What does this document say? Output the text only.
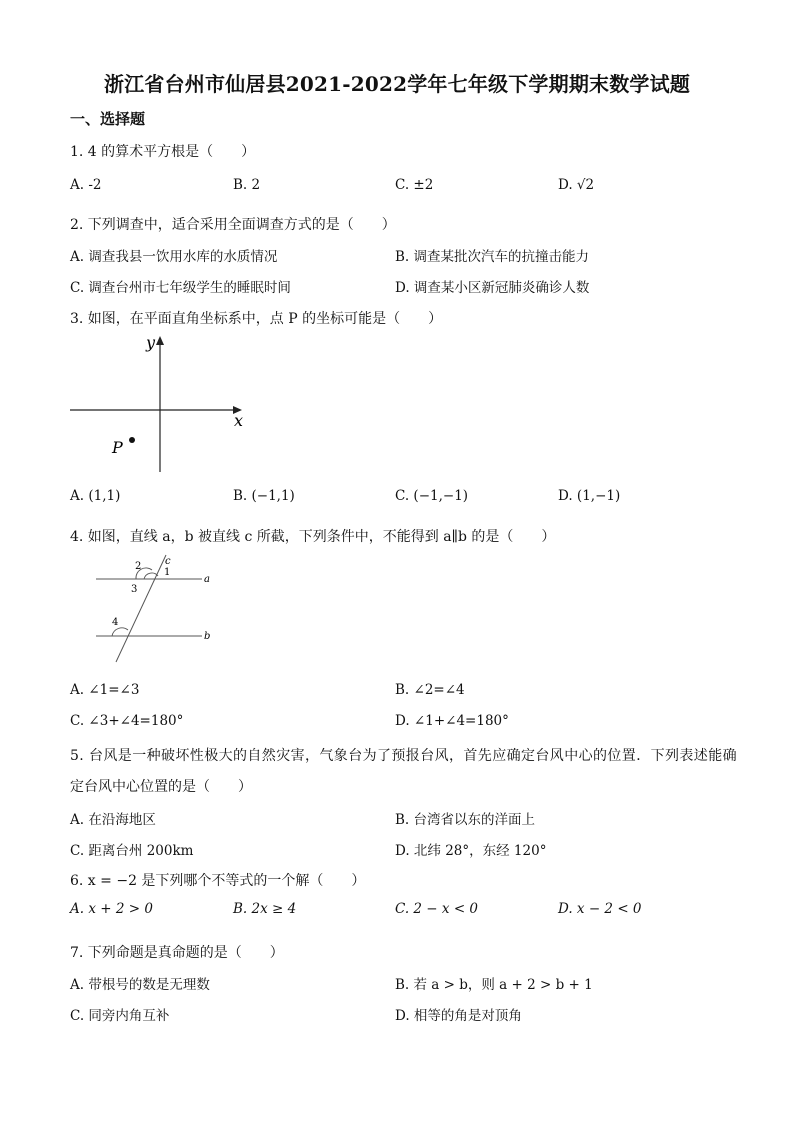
浙江省台州市仙居县2021-2022学年七年级下学期期末数学试题
一、选择题
1. 4 的算术平方根是（　　）
A. -2	B. 2	C. ±2	D. √2
2. 下列调查中，适合采用全面调查方式的是（　　）
A. 调查我县一饮用水库的水质情况	B. 调查某批次汽车的抗撞击能力
C. 调查台州市七年级学生的睡眠时间	D. 调查某小区新冠肺炎确诊人数
3. 如图，在平面直角坐标系中，点 P 的坐标可能是（　　）
x
y
P
A. (1,1)	B. (−1,1)	C. (−1,−1)	D. (1,−1)
4. 如图，直线 a，b 被直线 c 所截，下列条件中，不能得到 a∥b 的是（　　）
c
1
2
3
a
4
b
A. ∠1=∠3	B. ∠2=∠4
C. ∠3+∠4=180°	D. ∠1+∠4=180°
5. 台风是一种破坏性极大的自然灾害，气象台为了预报台风，首先应确定台风中心的位置．下列表述能确
定台风中心位置的是（　　）
A. 在沿海地区	B. 台湾省以东的洋面上
C. 距离台州 200km	D. 北纬 28°，东经 120°
6. x = −2 是下列哪个不等式的一个解（　　）
A. x + 2 > 0	B. 2x ≥ 4	C. 2 − x < 0	D. x − 2 < 0
7. 下列命题是真命题的是（　　）
A. 带根号的数是无理数	B. 若 a > b，则 a + 2 > b + 1
C. 同旁内角互补	D. 相等的角是对顶角
